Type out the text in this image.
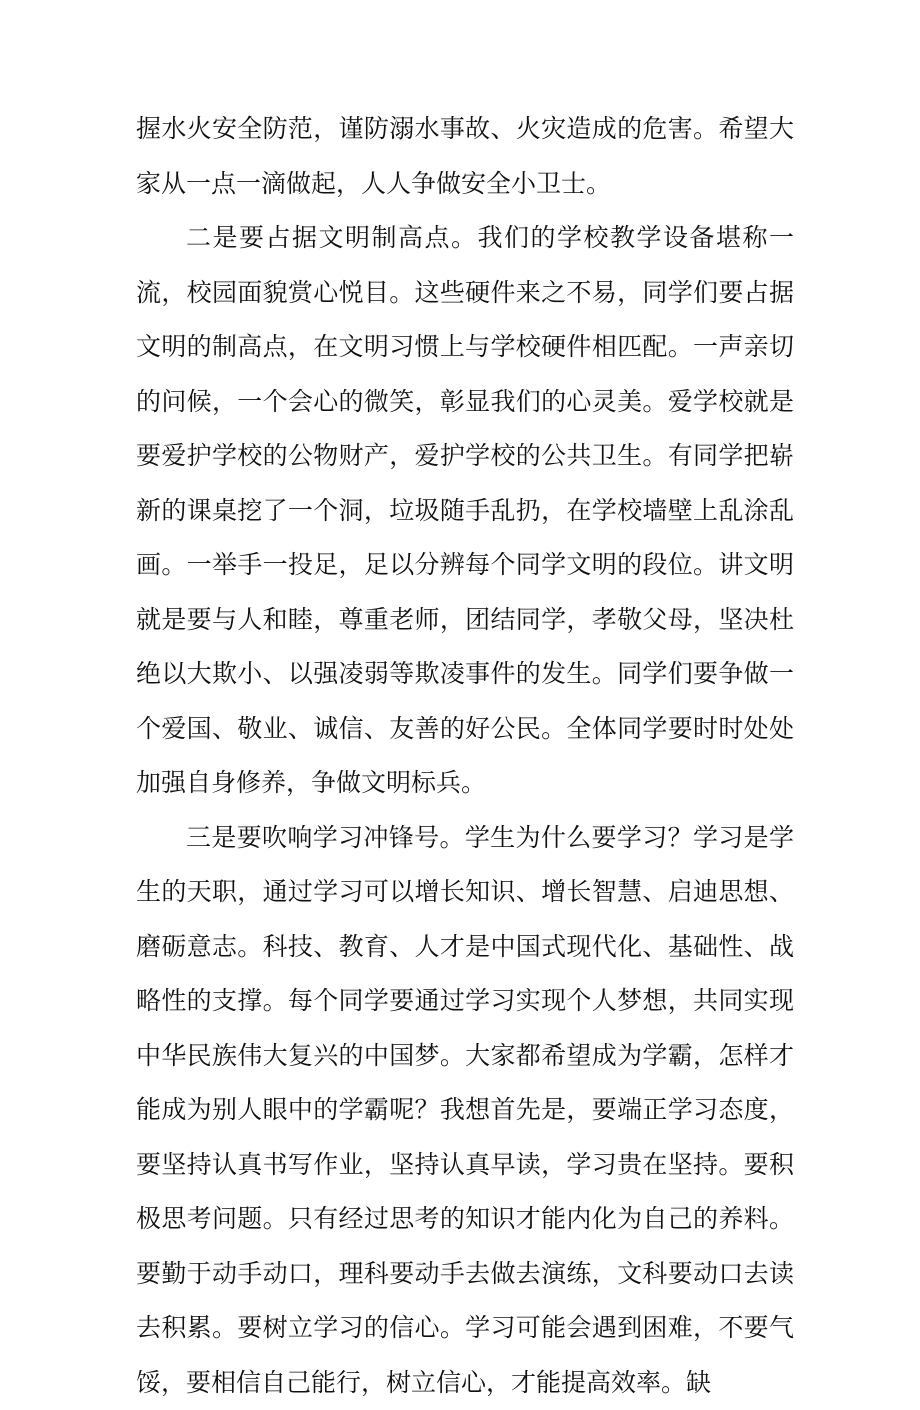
握水火安全防范，谨防溺水事故、火灾造成的危害。希望大家从一点一滴做起，人人争做安全小卫士。

二是要占据文明制高点。我们的学校教学设备堪称一流，校园面貌赏心悦目。这些硬件来之不易，同学们要占据文明的制高点，在文明习惯上与学校硬件相匹配。一声亲切的问候，一个会心的微笑，彰显我们的心灵美。爱学校就是要爱护学校的公物财产，爱护学校的公共卫生。有同学把崭新的课桌挖了一个洞，垃圾随手乱扔，在学校墙壁上乱涂乱画。一举手一投足，足以分辨每个同学文明的段位。讲文明就是要与人和睦，尊重老师，团结同学，孝敬父母，坚决杜绝以大欺小、以强凌弱等欺凌事件的发生。同学们要争做一个爱国、敬业、诚信、友善的好公民。全体同学要时时处处加强自身修养，争做文明标兵。

三是要吹响学习冲锋号。学生为什么要学习？学习是学生的天职，通过学习可以增长知识、增长智慧、启迪思想、磨砺意志。科技、教育、人才是中国式现代化、基础性、战略性的支撑。每个同学要通过学习实现个人梦想，共同实现中华民族伟大复兴的中国梦。大家都希望成为学霸，怎样才能成为别人眼中的学霸呢？我想首先是，要端正学习态度，要坚持认真书写作业，坚持认真早读，学习贵在坚持。要积极思考问题。只有经过思考的知识才能内化为自己的养料。要勤于动手动口，理科要动手去做去演练，文科要动口去读去积累。要树立学习的信心。学习可能会遇到困难，不要气馁，要相信自己能行，树立信心，才能提高效率。缺
